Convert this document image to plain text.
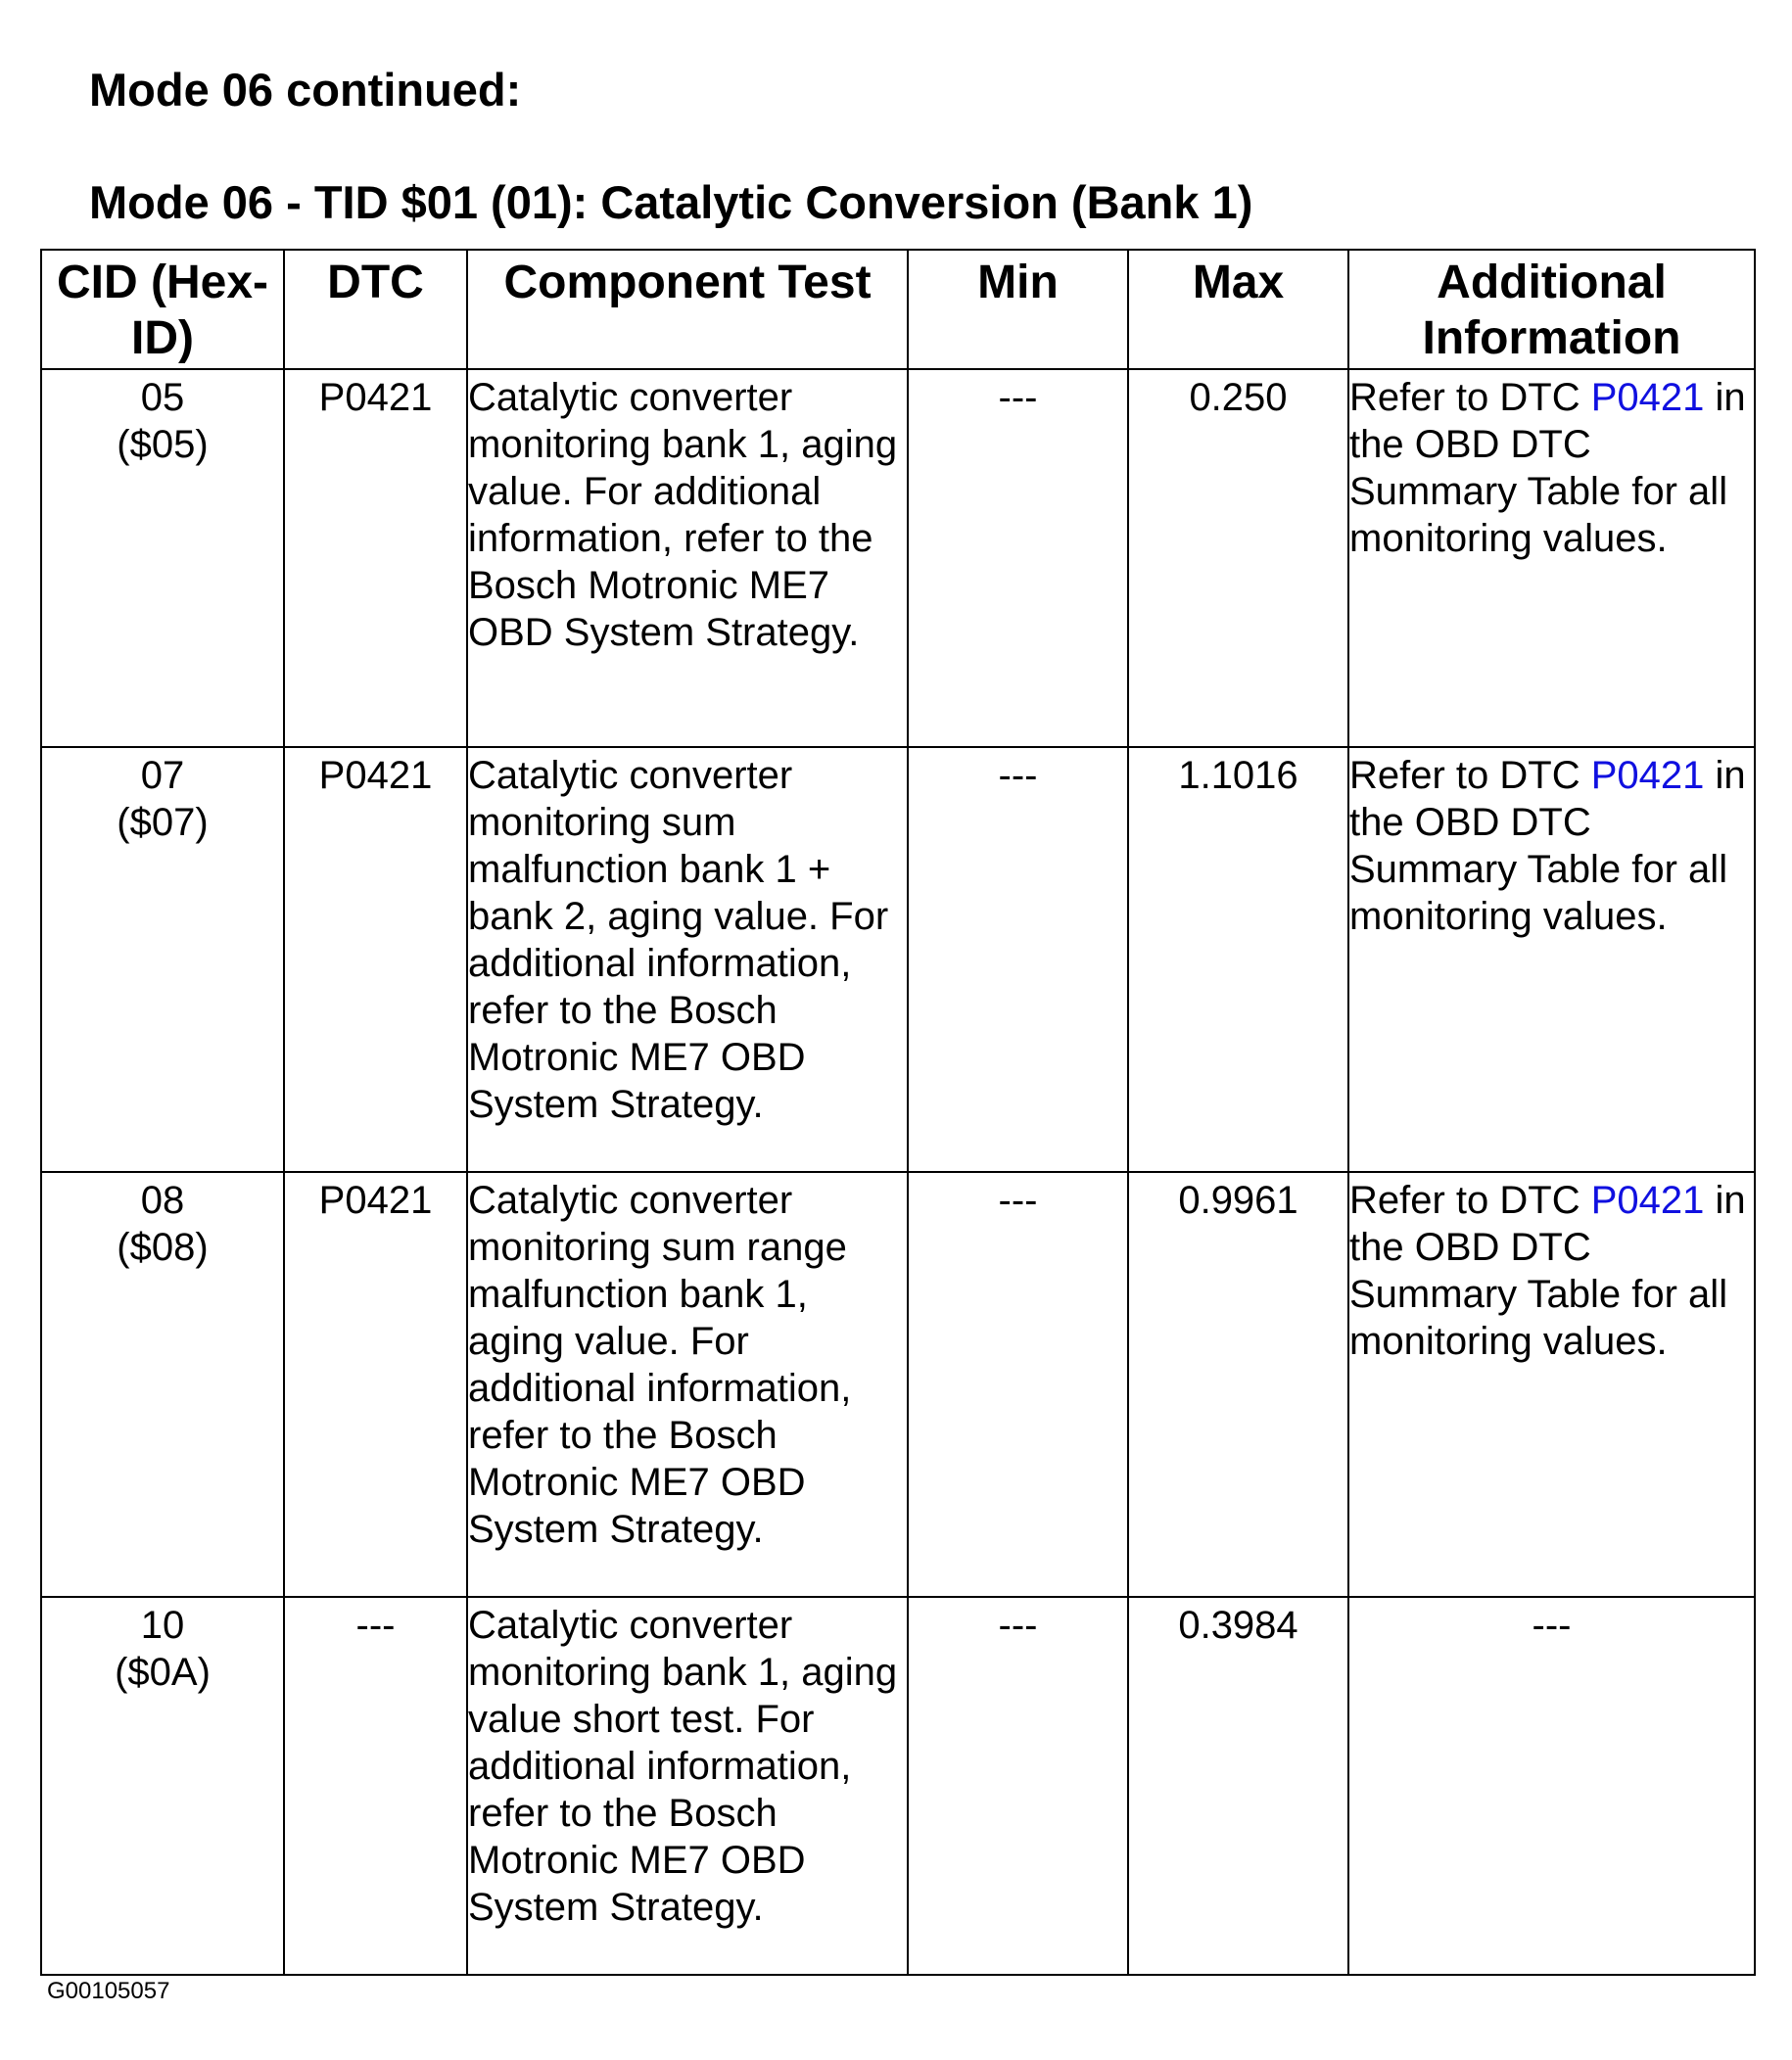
Mode 06 continued:
Mode 06 - TID $01 (01): Catalytic Conversion (Bank 1)
CID (Hex-ID)	DTC	Component Test	Min	Max	Additional Information

05
($05)	P0421	Catalytic converter monitoring bank 1, aging value. For additional information, refer to the Bosch Motronic ME7 OBD System Strategy.	---	0.250	Refer to DTC P0421 in the OBD DTC Summary Table for all monitoring values.

07
($07)	P0421	Catalytic converter monitoring sum malfunction bank 1 + bank 2, aging value. For additional information, refer to the Bosch Motronic ME7 OBD System Strategy.	---	1.1016	Refer to DTC P0421 in the OBD DTC Summary Table for all monitoring values.

08
($08)	P0421	Catalytic converter monitoring sum range malfunction bank 1, aging value. For additional information, refer to the Bosch Motronic ME7 OBD System Strategy.	---	0.9961	Refer to DTC P0421 in the OBD DTC Summary Table for all monitoring values.

10
($0A)	---	Catalytic converter monitoring bank 1, aging value short test. For additional information, refer to the Bosch Motronic ME7 OBD System Strategy.	---	0.3984	---
G00105057
